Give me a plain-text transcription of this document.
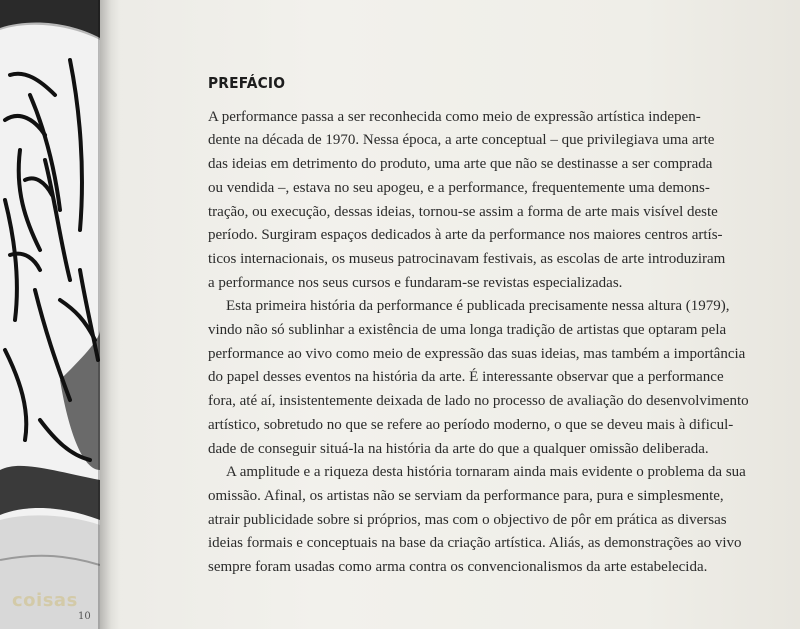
coisas
10
PREFÁCIO

A performance passa a ser reconhecida como meio de expressão artística indepen-
dente na década de 1970. Nessa época, a arte conceptual – que privilegiava uma arte
das ideias em detrimento do produto, uma arte que não se destinasse a ser comprada
ou vendida –, estava no seu apogeu, e a performance, frequentemente uma demons-
tração, ou execução, dessas ideias, tornou-se assim a forma de arte mais visível deste
período. Surgiram espaços dedicados à arte da performance nos maiores centros artís-
ticos internacionais, os museus patrocinavam festivais, as escolas de arte introduziram
a performance nos seus cursos e fundaram-se revistas especializadas.

Esta primeira história da performance é publicada precisamente nessa altura (1979),
vindo não só sublinhar a existência de uma longa tradição de artistas que optaram pela
performance ao vivo como meio de expressão das suas ideias, mas também a importância
do papel desses eventos na história da arte. É interessante observar que a performance
fora, até aí, insistentemente deixada de lado no processo de avaliação do desenvolvimento
artístico, sobretudo no que se refere ao período moderno, o que se deveu mais à dificul-
dade de conseguir situá-la na história da arte do que a qualquer omissão deliberada.

A amplitude e a riqueza desta história tornaram ainda mais evidente o problema da sua
omissão. Afinal, os artistas não se serviam da performance para, pura e simplesmente,
atrair publicidade sobre si próprios, mas com o objectivo de pôr em prática as diversas
ideias formais e conceptuais na base da criação artística. Aliás, as demonstrações ao vivo
sempre foram usadas como arma contra os convencionalismos da arte estabelecida.
